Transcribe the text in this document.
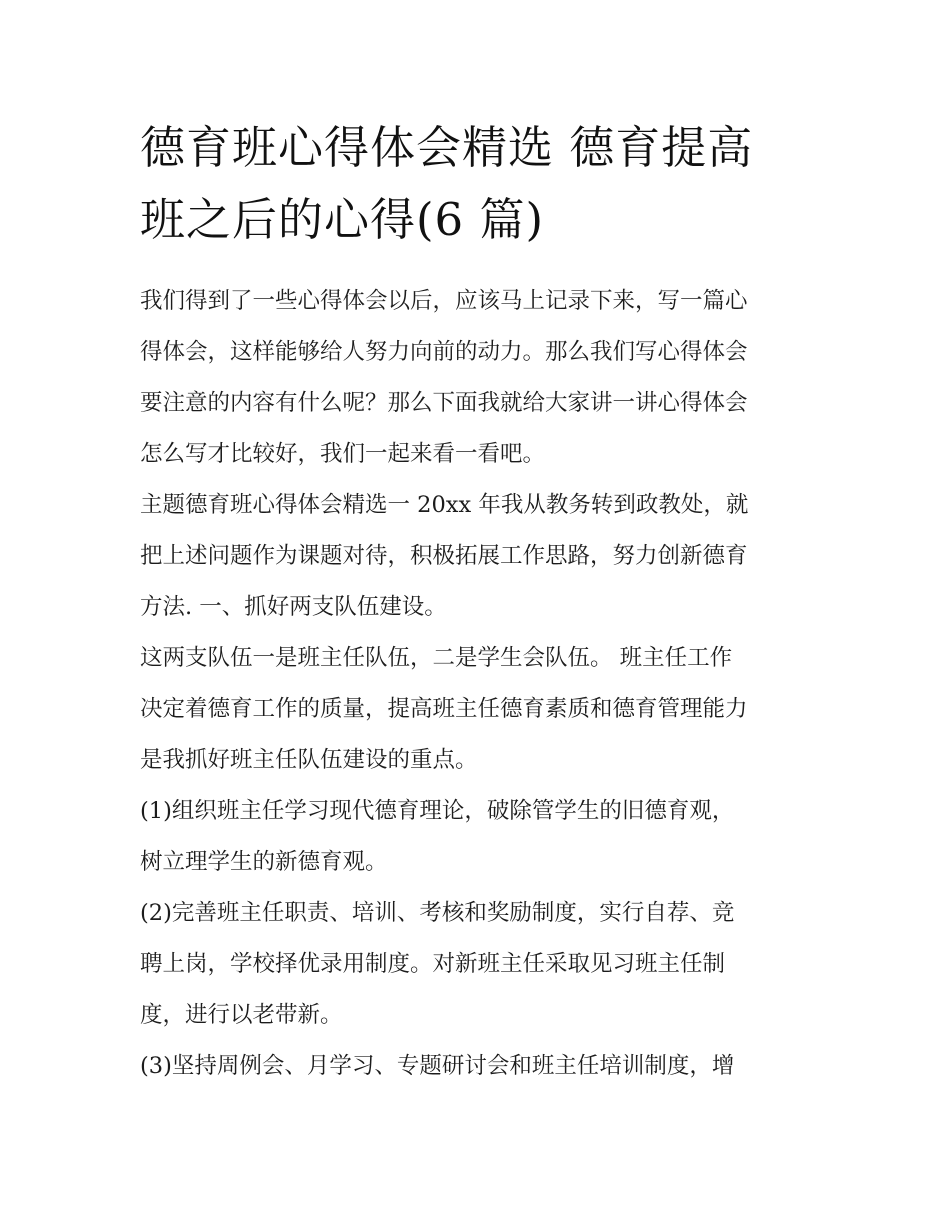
德育班心得体会精选 德育提高
班之后的心得(6 篇)

我们得到了一些心得体会以后，应该马上记录下来，写一篇心
得体会，这样能够给人努力向前的动力。那么我们写心得体会
要注意的内容有什么呢？那么下面我就给大家讲一讲心得体会
怎么写才比较好，我们一起来看一看吧。

主题德育班心得体会精选一 20xx 年我从教务转到政教处，就
把上述问题作为课题对待，积极拓展工作思路，努力创新德育
方法. 一、抓好两支队伍建设。

这两支队伍一是班主任队伍，二是学生会队伍。 班主任工作
决定着德育工作的质量，提高班主任德育素质和德育管理能力
是我抓好班主任队伍建设的重点。

(1)组织班主任学习现代德育理论，破除管学生的旧德育观，
树立理学生的新德育观。

(2)完善班主任职责、培训、考核和奖励制度，实行自荐、竞
聘上岗，学校择优录用制度。对新班主任采取见习班主任制
度，进行以老带新。

(3)坚持周例会、月学习、专题研讨会和班主任培训制度，增
